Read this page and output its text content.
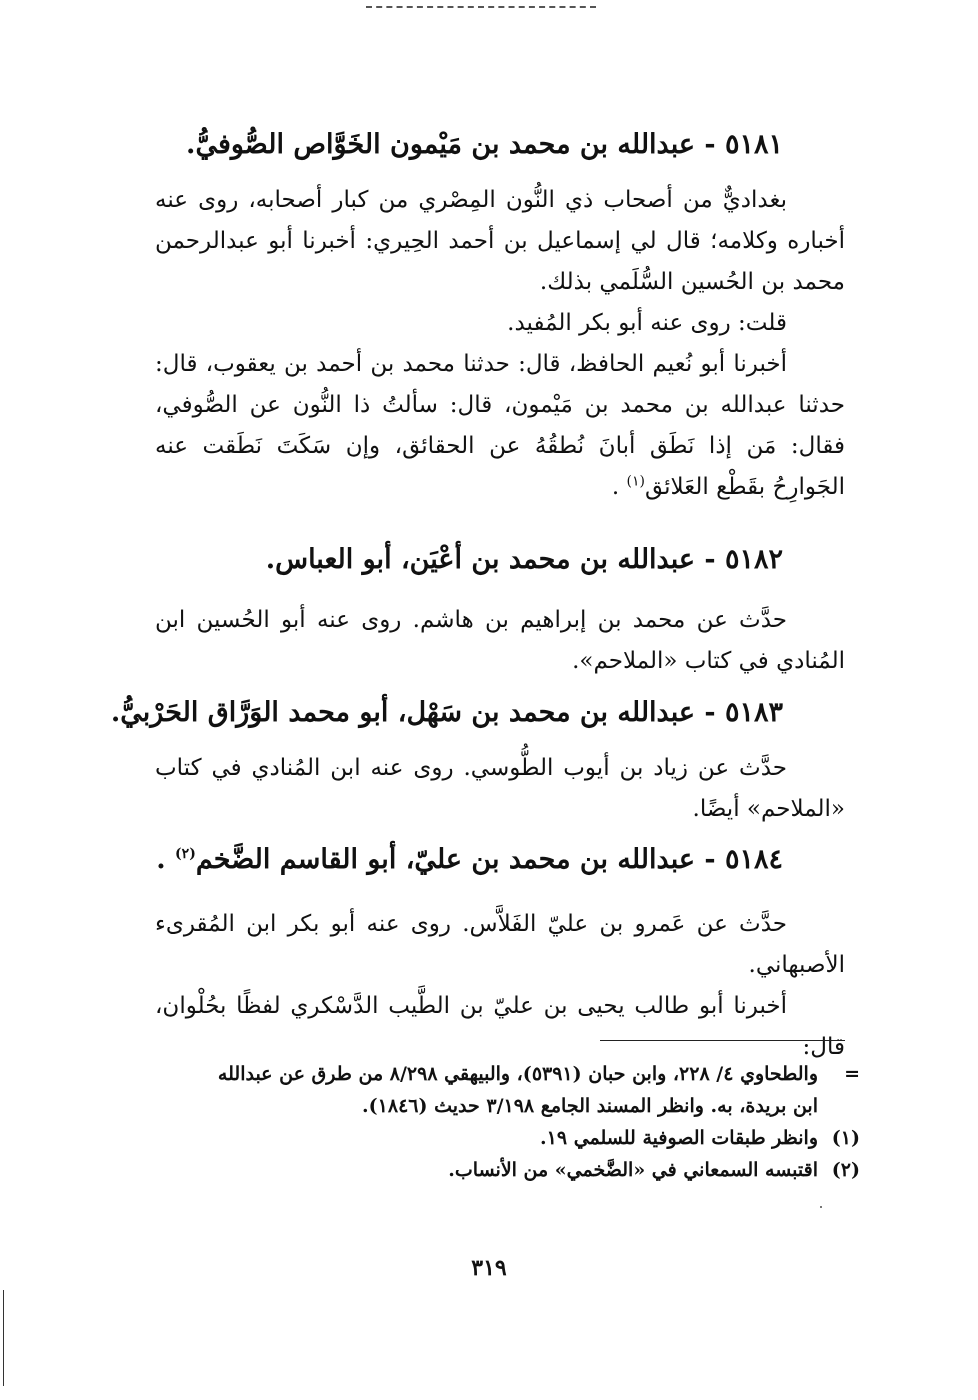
٥١٨١ - عبدالله بن محمد بن مَيْمون الخَوَّاص الصُّوفيُّ.

بغداديٌّ من أصحاب ذي النُّون المِصْري من كبار أصحابه، روى عنه أخباره وكلامه؛ قال لي إسماعيل بن أحمد الحِيري: أخبرنا أبو عبدالرحمن محمد بن الحُسين السُّلَمي بذلك.

قلت: روى عنه أبو بكر المُفيد.

أخبرنا أبو نُعيم الحافظ، قال: حدثنا محمد بن أحمد بن يعقوب، قال: حدثنا عبدالله بن محمد بن مَيْمون، قال: سألتُ ذا النُّون عن الصُّوفي، فقال: مَن إذا نَطَق أبانَ نُطقُهُ عن الحقائق، وإن سَكَتَ نَطَقت عنه الجَوارِحُ بقَطْع العَلائق$^{(١)}$ .

٥١٨٢ - عبدالله بن محمد بن أعْيَن، أبو العباس.

حدَّث عن محمد بن إبراهيم بن هاشم. روى عنه أبو الحُسين ابن المُنادي في كتاب «الملاحم».

٥١٨٣ - عبدالله بن محمد بن سَهْل، أبو محمد الوَرَّاق الحَرْبيُّ.

حدَّث عن زياد بن أيوب الطُّوسي. روى عنه ابن المُنادي في كتاب «الملاحم» أيضًا.

٥١٨٤ - عبدالله بن محمد بن عليّ، أبو القاسم الضَّخم$^{(٢)}$ .

حدَّث عن عَمرو بن عليّ الفَلاَّس. روى عنه أبو بكر ابن المُقرىء الأصبهاني.

أخبرنا أبو طالب يحيى بن عليّ بن الطَّيب الدَّسْكري لفظًا بحُلْوان، قال:

=
والطحاوي ٤/ ٢٢٨، وابن حبان (٥٣٩١)، والبيهقي ٨/٢٩٨ من طرق عن عبدالله
ابن بريدة، به. وانظر المسند الجامع ٣/١٩٨ حديث (١٨٤٦).
(١)
وانظر طبقات الصوفية للسلمي ١٩.
(٢)
اقتبسه السمعاني في «الضَّخمي» من الأنساب.
٣١٩
